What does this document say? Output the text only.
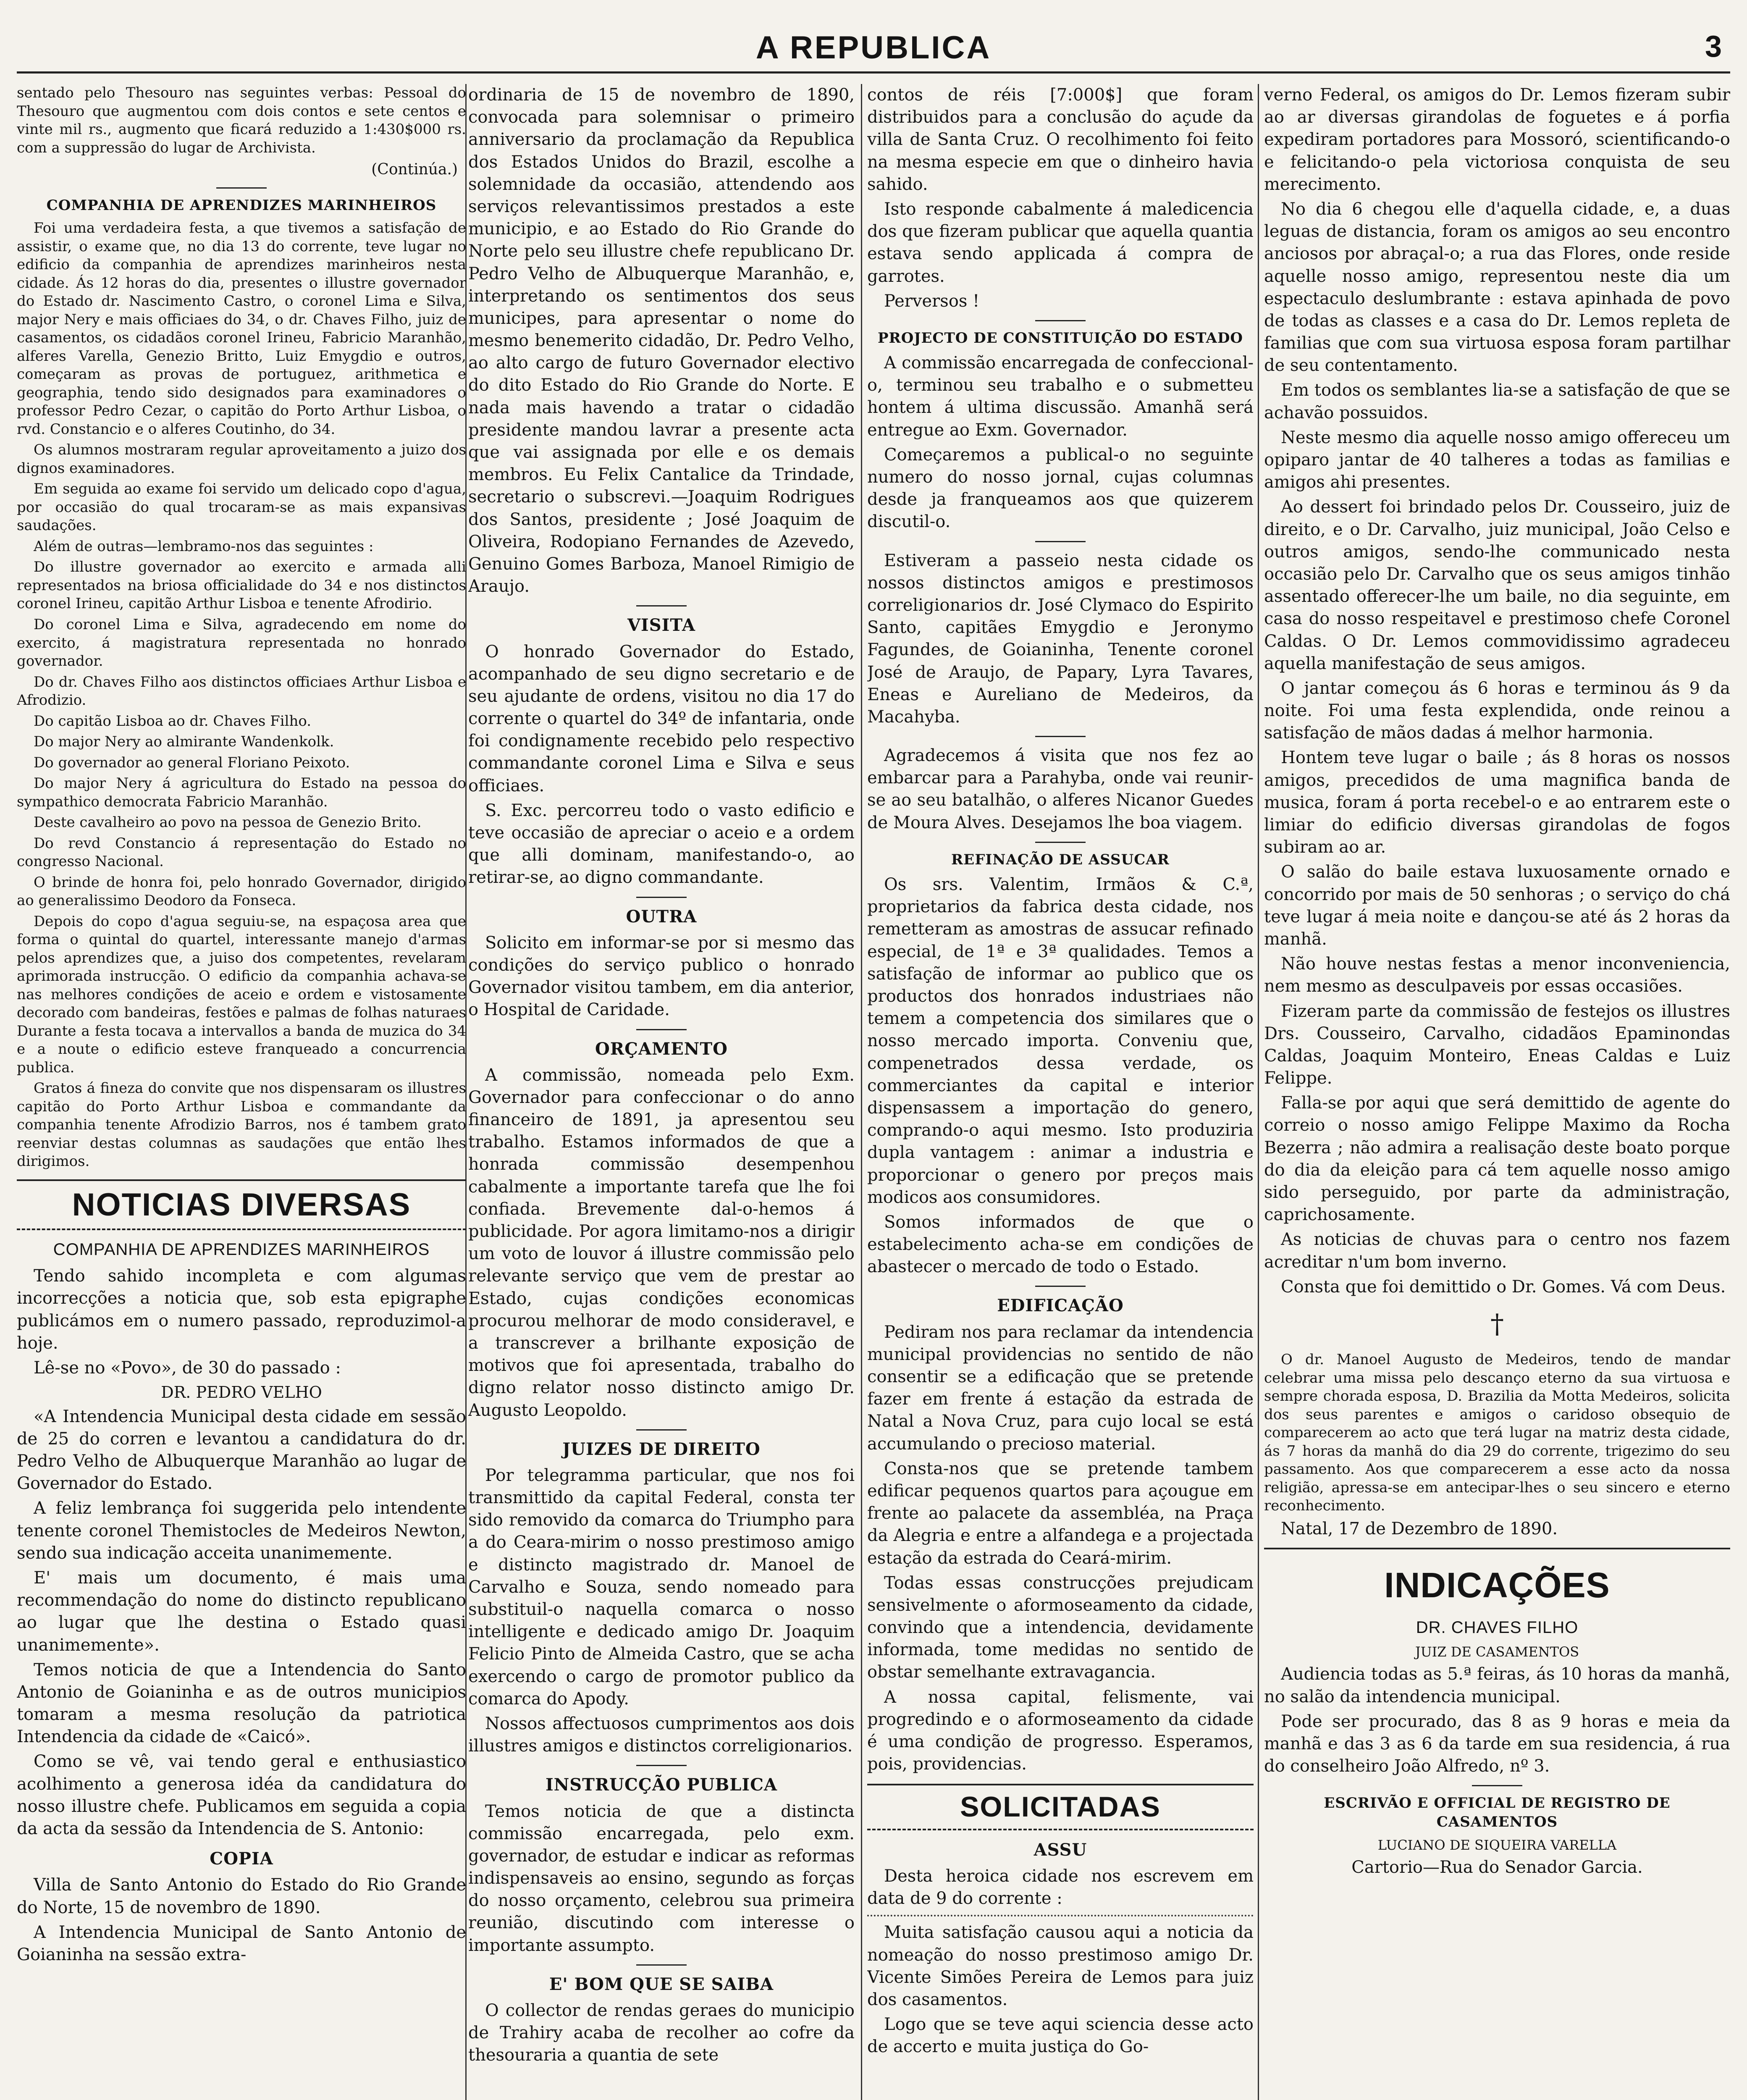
A REPUBLICA	3

sentado pelo Thesouro nas seguintes verbas: Pessoal do Thesouro que augmentou com dois contos e sete centos e vinte mil rs., augmento que ficará reduzido a 1:430$000 rs. com a suppressão do lugar de Archivista.

(Continúa.)
COMPANHIA DE APRENDIZES MARINHEIROS

Foi uma verdadeira festa, a que tivemos a satisfação de assistir, o exame que, no dia 13 do corrente, teve lugar no edificio da companhia de aprendizes marinheiros nesta cidade. Ás 12 horas do dia, presentes o illustre governador do Estado dr. Nascimento Castro, o coronel Lima e Silva, major Nery e mais officiaes do 34, o dr. Chaves Filho, juiz de casamentos, os cidadãos coronel Irineu, Fabricio Maranhão, alferes Varella, Genezio Britto, Luiz Emygdio e outros, começaram as provas de portuguez, arithmetica e geographia, tendo sido designados para examinadores o professor Pedro Cezar, o capitão do Porto Arthur Lisboa, o rvd. Constancio e o alferes Coutinho, do 34.

Os alumnos mostraram regular aproveitamento a juizo dos dignos examinadores.

Em seguida ao exame foi servido um delicado copo d'agua, por occasião do qual trocaram-se as mais expansivas saudações.

Além de outras—lembramo-nos das seguintes :

Do illustre governador ao exercito e armada alli representados na briosa officialidade do 34 e nos distinctos coronel Irineu, capitão Arthur Lisboa e tenente Afrodirio.

Do coronel Lima e Silva, agradecendo em nome do exercito, á magistratura representada no honrado governador.

Do dr. Chaves Filho aos distinctos officiaes Arthur Lisboa e Afrodizio.

Do capitão Lisboa ao dr. Chaves Filho.

Do major Nery ao almirante Wandenkolk.

Do governador ao general Floriano Peixoto.

Do major Nery á agricultura do Estado na pessoa do sympathico democrata Fabricio Maranhão.

Deste cavalheiro ao povo na pessoa de Genezio Brito.

Do revd Constancio á representação do Estado no congresso Nacional.

O brinde de honra foi, pelo honrado Governador, dirigido ao generalissimo Deodoro da Fonseca.

Depois do copo d'agua seguiu-se, na espaçosa area que forma o quintal do quartel, interessante manejo d'armas pelos aprendizes que, a juiso dos competentes, revelaram aprimorada instrucção. O edificio da companhia achava-se nas melhores condições de aceio e ordem e vistosamente decorado com bandeiras, festões e palmas de folhas naturaes Durante a festa tocava a intervallos a banda de muzica do 34 e a noute o edificio esteve franqueado a concurrencia publica.

Gratos á fineza do convite que nos dispensaram os illustres capitão do Porto Arthur Lisboa e commandante da companhia tenente Afrodizio Barros, nos é tambem grato reenviar destas columnas as saudações que então lhes dirigimos.

NOTICIAS DIVERSAS
COMPANHIA DE APRENDIZES MARINHEIROS

Tendo sahido incompleta e com algumas incorrecções a noticia que, sob esta epigraphe publicámos em o numero passado, reproduzimol-a hoje.

Lê-se no «Povo», de 30 do passado :

DR. PEDRO VELHO

«A Intendencia Municipal desta cidade em sessão de 25 do corren e levantou a candidatura do dr. Pedro Velho de Albuquerque Maranhão ao lugar de Governador do Estado.

A feliz lembrança foi suggerida pelo intendente tenente coronel Themistocles de Medeiros Newton, sendo sua indicação acceita unanimemente.

E' mais um documento, é mais uma recommendação do nome do distincto republicano ao lugar que lhe destina o Estado quasi unanimemente».

Temos noticia de que a Intendencia do Santo Antonio de Goianinha e as de outros municipios tomaram a mesma resolução da patriotica Intendencia da cidade de «Caicó».

Como se vê, vai tendo geral e enthusiastico acolhimento a generosa idéa da candidatura do nosso illustre chefe. Publicamos em seguida a copia da acta da sessão da Intendencia de S. Antonio:

COPIA

Villa de Santo Antonio do Estado do Rio Grande do Norte, 15 de novembro de 1890.

A Intendencia Municipal de Santo Antonio de Goianinha na sessão extra-

ordinaria de 15 de novembro de 1890, convocada para solemnisar o primeiro anniversario da proclamação da Republica dos Estados Unidos do Brazil, escolhe a solemnidade da occasião, attendendo aos serviços relevantissimos prestados a este municipio, e ao Estado do Rio Grande do Norte pelo seu illustre chefe republicano Dr. Pedro Velho de Albuquerque Maranhão, e, interpretando os sentimentos dos seus municipes, para apresentar o nome do mesmo benemerito cidadão, Dr. Pedro Velho, ao alto cargo de futuro Governador electivo do dito Estado do Rio Grande do Norte. E nada mais havendo a tratar o cidadão presidente mandou lavrar a presente acta que vai assignada por elle e os demais membros. Eu Felix Cantalice da Trindade, secretario o subscrevi.—Joaquim Rodrigues dos Santos, presidente ; José Joaquim de Oliveira, Rodopiano Fernandes de Azevedo, Genuino Gomes Barboza, Manoel Rimigio de Araujo.

VISITA

O honrado Governador do Estado, acompanhado de seu digno secretario e de seu ajudante de ordens, visitou no dia 17 do corrente o quartel do 34º de infantaria, onde foi condignamente recebido pelo respectivo commandante coronel Lima e Silva e seus officiaes.

S. Exc. percorreu todo o vasto edificio e teve occasião de apreciar o aceio e a ordem que alli dominam, manifestando-o, ao retirar-se, ao digno commandante.

OUTRA

Solicito em informar-se por si mesmo das condições do serviço publico o honrado Governador visitou tambem, em dia anterior, o Hospital de Caridade.

ORÇAMENTO

A commissão, nomeada pelo Exm. Governador para confeccionar o do anno financeiro de 1891, ja apresentou seu trabalho. Estamos informados de que a honrada commissão desempenhou cabalmente a importante tarefa que lhe foi confiada. Brevemente dal-o-hemos á publicidade. Por agora limitamo-nos a dirigir um voto de louvor á illustre commissão pelo relevante serviço que vem de prestar ao Estado, cujas condições economicas procurou melhorar de modo consideravel, e a transcrever a brilhante exposição de motivos que foi apresentada, trabalho do digno relator nosso distincto amigo Dr. Augusto Leopoldo.

JUIZES DE DIREITO

Por telegramma particular, que nos foi transmittido da capital Federal, consta ter sido removido da comarca do Triumpho para a do Ceara-mirim o nosso prestimoso amigo e distincto magistrado dr. Manoel de Carvalho e Souza, sendo nomeado para substituil-o naquella comarca o nosso intelligente e dedicado amigo Dr. Joaquim Felicio Pinto de Almeida Castro, que se acha exercendo o cargo de promotor publico da comarca do Apody.

Nossos affectuosos cumprimentos aos dois illustres amigos e distinctos correligionarios.

INSTRUCÇÃO PUBLICA

Temos noticia de que a distincta commissão encarregada, pelo exm. governador, de estudar e indicar as reformas indispensaveis ao ensino, segundo as forças do nosso orçamento, celebrou sua primeira reunião, discutindo com interesse o importante assumpto.

E' BOM QUE SE SAIBA

O collector de rendas geraes do municipio de Trahiry acaba de recolher ao cofre da thesouraria a quantia de sete

contos de réis [7:000$] que foram distribuidos para a conclusão do açude da villa de Santa Cruz. O recolhimento foi feito na mesma especie em que o dinheiro havia sahido.

Isto responde cabalmente á maledicencia dos que fizeram publicar que aquella quantia estava sendo applicada á compra de garrotes.

Perversos !

PROJECTO DE CONSTITUIÇÃO DO ESTADO

A commissão encarregada de confeccional-o, terminou seu trabalho e o submetteu hontem á ultima discussão. Amanhã será entregue ao Exm. Governador.

Começaremos a publical-o no seguinte numero do nosso jornal, cujas columnas desde ja franqueamos aos que quizerem discutil-o.

Estiveram a passeio nesta cidade os nossos distinctos amigos e prestimosos correligionarios dr. José Clymaco do Espirito Santo, capitães Emygdio e Jeronymo Fagundes, de Goianinha, Tenente coronel José de Araujo, de Papary, Lyra Tavares, Eneas e Aureliano de Medeiros, da Macahyba.

Agradecemos á visita que nos fez ao embarcar para a Parahyba, onde vai reunir-se ao seu batalhão, o alferes Nicanor Guedes de Moura Alves. Desejamos lhe boa viagem.

REFINAÇÃO DE ASSUCAR

Os srs. Valentim, Irmãos & C.ª, proprietarios da fabrica desta cidade, nos remetteram as amostras de assucar refinado especial, de 1ª e 3ª qualidades. Temos a satisfação de informar ao publico que os productos dos honrados industriaes não temem a competencia dos similares que o nosso mercado importa. Conveniu que, compenetrados dessa verdade, os commerciantes da capital e interior dispensassem a importação do genero, comprando-o aqui mesmo. Isto produziria dupla vantagem : animar a industria e proporcionar o genero por preços mais modicos aos consumidores.

Somos informados de que o estabelecimento acha-se em condições de abastecer o mercado de todo o Estado.

EDIFICAÇÃO

Pediram nos para reclamar da intendencia municipal providencias no sentido de não consentir se a edificação que se pretende fazer em frente á estação da estrada de Natal a Nova Cruz, para cujo local se está accumulando o precioso material.

Consta-nos que se pretende tambem edificar pequenos quartos para açougue em frente ao palacete da assembléa, na Praça da Alegria e entre a alfandega e a projectada estação da estrada do Ceará-mirim.

Todas essas construcções prejudicam sensivelmente o aformoseamento da cidade, convindo que a intendencia, devidamente informada, tome medidas no sentido de obstar semelhante extravagancia.

A nossa capital, felismente, vai progredindo e o aformoseamento da cidade é uma condição de progresso. Esperamos, pois, providencias.

SOLICITADAS
ASSU

Desta heroica cidade nos escrevem em data de 9 do corrente :

Muita satisfação causou aqui a noticia da nomeação do nosso prestimoso amigo Dr. Vicente Simões Pereira de Lemos para juiz dos casamentos.

Logo que se teve aqui sciencia desse acto de accerto e muita justiça do Go-

verno Federal, os amigos do Dr. Lemos fizeram subir ao ar diversas girandolas de foguetes e á porfia expediram portadores para Mossoró, scientificando-o e felicitando-o pela victoriosa conquista de seu merecimento.

No dia 6 chegou elle d'aquella cidade, e, a duas leguas de distancia, foram os amigos ao seu encontro anciosos por abraçal-o; a rua das Flores, onde reside aquelle nosso amigo, representou neste dia um espectaculo deslumbrante : estava apinhada de povo de todas as classes e a casa do Dr. Lemos repleta de familias que com sua virtuosa esposa foram partilhar de seu contentamento.

Em todos os semblantes lia-se a satisfação de que se achavão possuidos.

Neste mesmo dia aquelle nosso amigo offereceu um opiparo jantar de 40 talheres a todas as familias e amigos ahi presentes.

Ao dessert foi brindado pelos Dr. Cousseiro, juiz de direito, e o Dr. Carvalho, juiz municipal, João Celso e outros amigos, sendo-lhe communicado nesta occasião pelo Dr. Carvalho que os seus amigos tinhão assentado offerecer-lhe um baile, no dia seguinte, em casa do nosso respeitavel e prestimoso chefe Coronel Caldas. O Dr. Lemos commovidissimo agradeceu aquella manifestação de seus amigos.

O jantar começou ás 6 horas e terminou ás 9 da noite. Foi uma festa explendida, onde reinou a satisfação de mãos dadas á melhor harmonia.

Hontem teve lugar o baile ; ás 8 horas os nossos amigos, precedidos de uma magnifica banda de musica, foram á porta recebel-o e ao entrarem este o limiar do edificio diversas girandolas de fogos subiram ao ar.

O salão do baile estava luxuosamente ornado e concorrido por mais de 50 senhoras ; o serviço do chá teve lugar á meia noite e dançou-se até ás 2 horas da manhã.

Não houve nestas festas a menor inconveniencia, nem mesmo as desculpaveis por essas occasiões.

Fizeram parte da commissão de festejos os illustres Drs. Cousseiro, Carvalho, cidadãos Epaminondas Caldas, Joaquim Monteiro, Eneas Caldas e Luiz Felippe.

Falla-se por aqui que será demittido de agente do correio o nosso amigo Felippe Maximo da Rocha Bezerra ; não admira a realisação deste boato porque do dia da eleição para cá tem aquelle nosso amigo sido perseguido, por parte da administração, caprichosamente.

As noticias de chuvas para o centro nos fazem acreditar n'um bom inverno.

Consta que foi demittido o Dr. Gomes. Vá com Deus.

†

O dr. Manoel Augusto de Medeiros, tendo de mandar celebrar uma missa pelo descanço eterno da sua virtuosa e sempre chorada esposa, D. Brazilia da Motta Medeiros, solicita dos seus parentes e amigos o caridoso obsequio de comparecerem ao acto que terá lugar na matriz desta cidade, ás 7 horas da manhã do dia 29 do corrente, trigezimo do seu passamento. Aos que comparecerem a esse acto da nossa religião, apressa-se em antecipar-lhes o seu sincero e eterno reconhecimento.

Natal, 17 de Dezembro de 1890.

INDICAÇÕES
DR. CHAVES FILHO
JUIZ DE CASAMENTOS

Audiencia todas as 5.ª feiras, ás 10 horas da manhã, no salão da intendencia municipal.

Pode ser procurado, das 8 as 9 horas e meia da manhã e das 3 as 6 da tarde em sua residencia, á rua do conselheiro João Alfredo, nº 3.

ESCRIVÃO E OFFICIAL DE REGISTRO DE CASAMENTOS
LUCIANO DE SIQUEIRA VARELLA

Cartorio—Rua do Senador Garcia.
